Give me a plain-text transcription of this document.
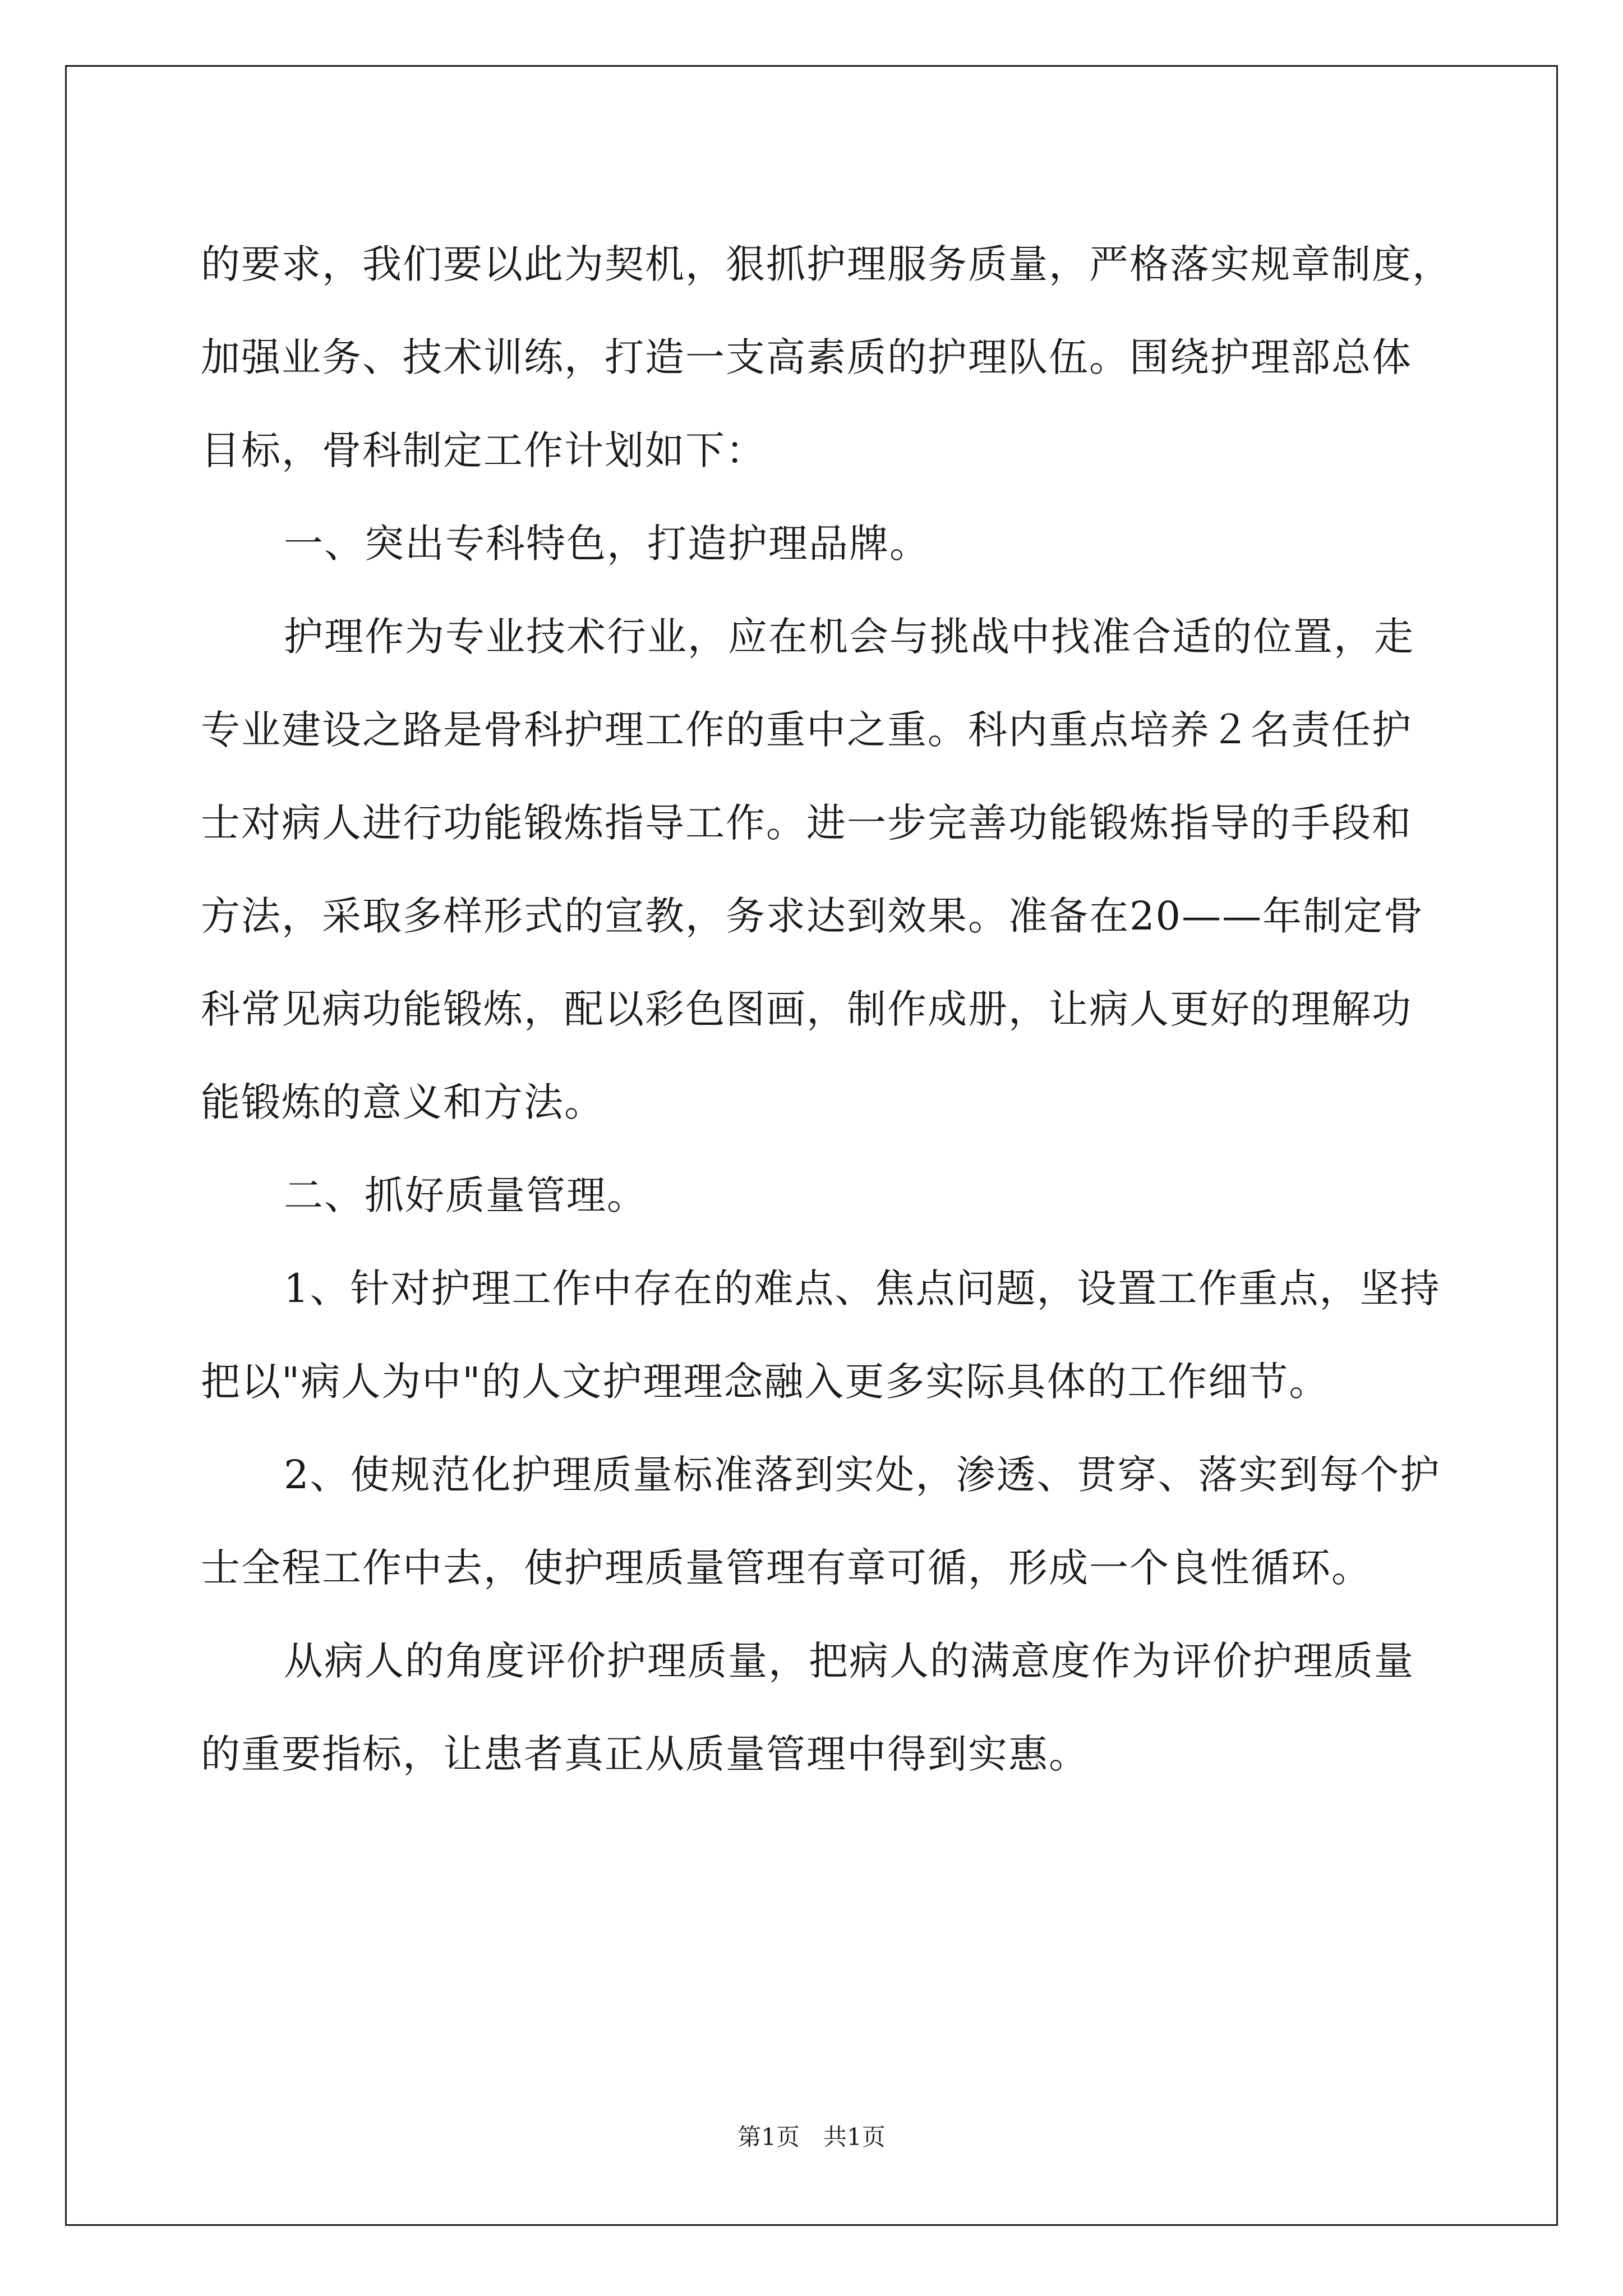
的要求，我们要以此为契机，狠抓护理服务质量，严格落实规章制度，
加强业务、技术训练，打造一支高素质的护理队伍。围绕护理部总体
目标，骨科制定工作计划如下：
一、突出专科特色，打造护理品牌。
护理作为专业技术行业，应在机会与挑战中找准合适的位置，走
专业建设之路是骨科护理工作的重中之重。科内重点培养２名责任护
士对病人进行功能锻炼指导工作。进一步完善功能锻炼指导的手段和
方法，采取多样形式的宣教，务求达到效果。准备在20——年制定骨
科常见病功能锻炼，配以彩色图画，制作成册，让病人更好的理解功
能锻炼的意义和方法。
二、抓好质量管理。
1、针对护理工作中存在的难点、焦点问题，设置工作重点，坚持
把以"病人为中"的人文护理理念融入更多实际具体的工作细节。
2、使规范化护理质量标准落到实处，渗透、贯穿、落实到每个护
士全程工作中去，使护理质量管理有章可循，形成一个良性循环。
从病人的角度评价护理质量，把病人的满意度作为评价护理质量
的重要指标，让患者真正从质量管理中得到实惠。
第1页　共1页
